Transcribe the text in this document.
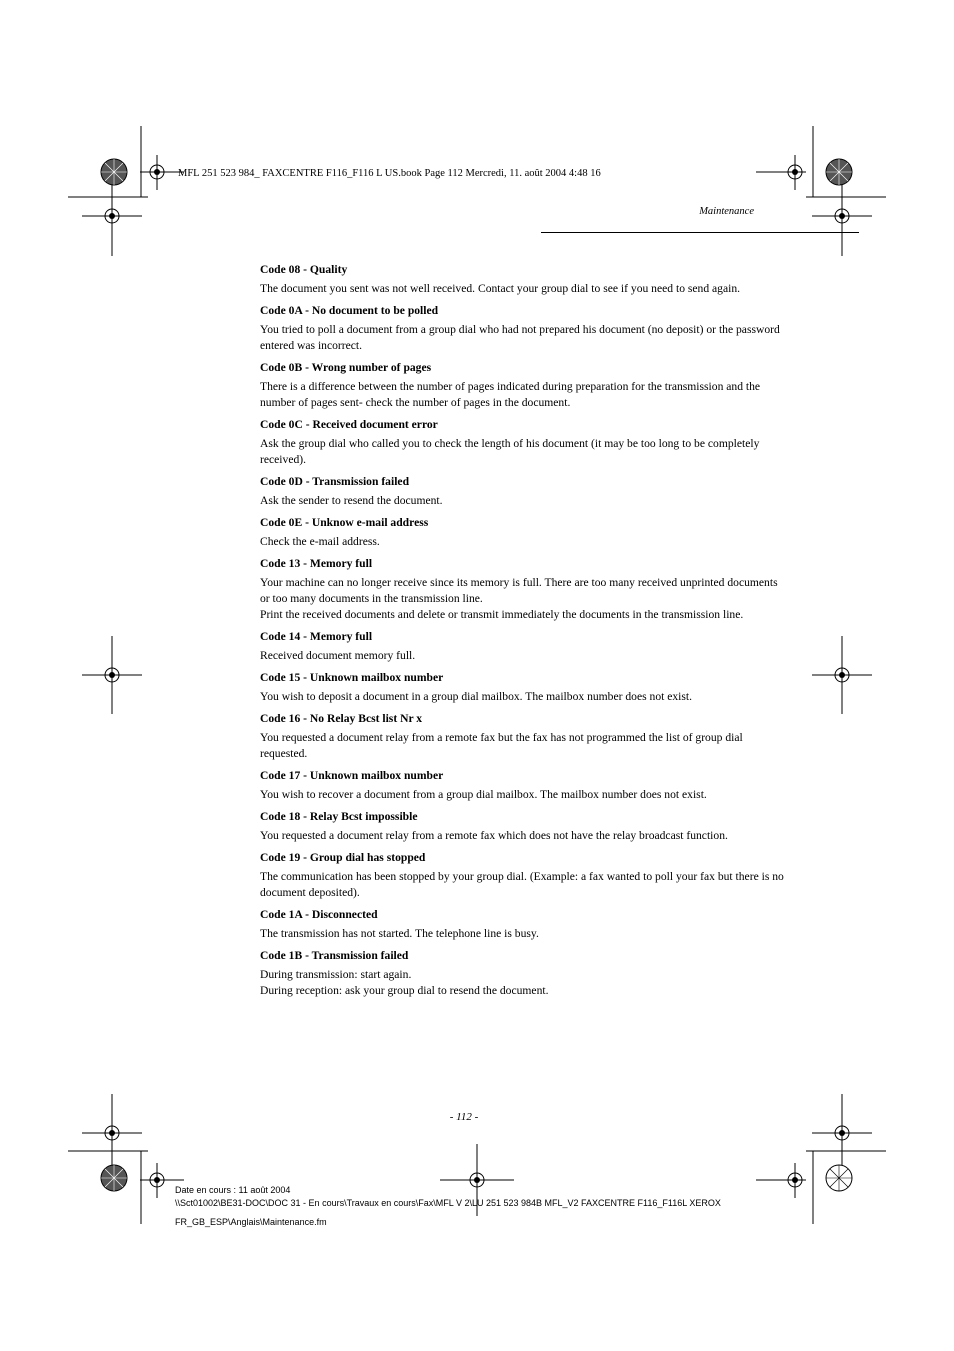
MFL 251 523 984_ FAXCENTRE F116_F116 L US.book Page 112 Mercredi, 11. août 2004 4:48 16
Maintenance
Code 08 - Quality
The document you sent was not well received. Contact your group dial to see if you need to send again.
Code 0A - No document to be polled
You tried to poll a document from a group dial who had not prepared his document (no deposit) or the password entered was incorrect.
Code 0B - Wrong number of pages
There is a difference between the number of pages indicated during preparation for the transmission and the number of pages sent- check the number of pages in the document.
Code 0C - Received document error
Ask the group dial who called you to check the length of his document (it may be too long to be completely received).
Code 0D - Transmission failed
Ask the sender to resend the document.
Code 0E - Unknow e-mail address
Check the e-mail address.
Code 13 - Memory full
Your machine can no longer receive since its memory is full. There are too many received unprinted documents or too many documents in the transmission line.
Print the received documents and delete or transmit immediately the documents in the transmission line.
Code 14 - Memory full
Received document memory full.
Code 15 - Unknown mailbox number
You wish to deposit a document in a group dial mailbox. The mailbox number does not exist.
Code 16 - No Relay Bcst list Nr x
You requested a document relay from a remote fax but the fax has not programmed the list of group dial requested.
Code 17 - Unknown mailbox number
You wish to recover a document from a group dial mailbox. The mailbox number does not exist.
Code 18 - Relay Bcst impossible
You requested a document relay from a remote fax which does not have the relay broadcast function.
Code 19 - Group dial has stopped
The communication has been stopped by your group dial. (Example: a fax wanted to poll your fax but there is no document deposited).
Code 1A - Disconnected
The transmission has not started. The telephone line is busy.
Code 1B - Transmission failed
During transmission: start again.
During reception: ask your group dial to resend the document.
- 112 -
Date en cours : 11 août 2004
\\Sct01002\BE31-DOC\DOC 31 - En cours\Travaux en cours\Fax\MFL V 2\LU 251 523 984B MFL_V2 FAXCENTRE F116_F116L XEROX
FR_GB_ESP\Anglais\Maintenance.fm
